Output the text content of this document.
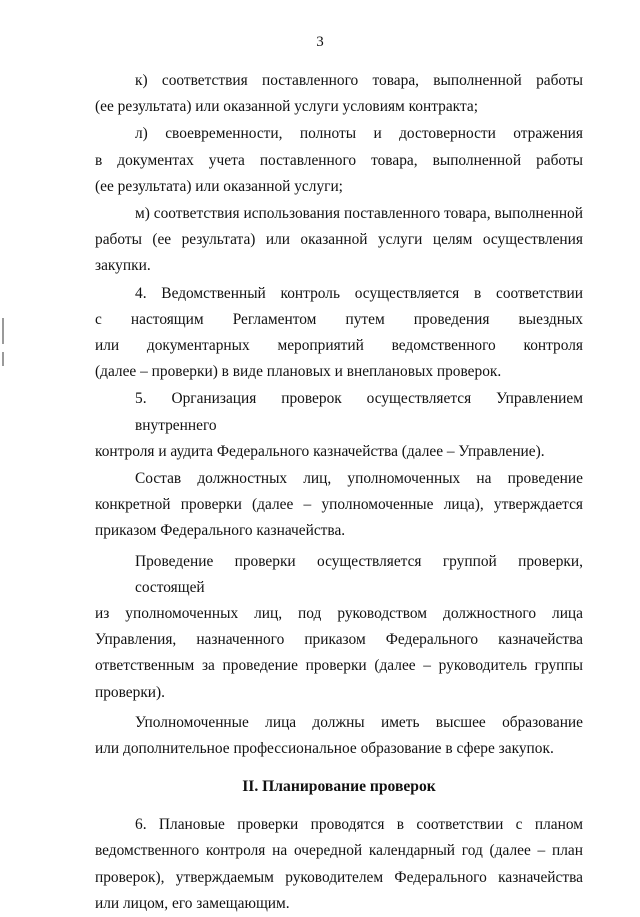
3
к) соответствия поставленного товара, выполненной работы
(ее результата) или оказанной услуги условиям контракта;
л) своевременности, полноты и достоверности отражения
в документах учета поставленного товара, выполненной работы
(ее результата) или оказанной услуги;
м) соответствия использования поставленного товара, выполненной
работы (ее результата) или оказанной услуги целям осуществления
закупки.
4. Ведомственный контроль осуществляется в соответствии
с настоящим Регламентом путем проведения выездных
или документарных мероприятий ведомственного контроля
(далее – проверки) в виде плановых и внеплановых проверок.
5. Организация проверок осуществляется Управлением внутреннего
контроля и аудита Федерального казначейства (далее – Управление).
Состав должностных лиц, уполномоченных на проведение
конкретной проверки (далее – уполномоченные лица), утверждается
приказом Федерального казначейства.
Проведение проверки осуществляется группой проверки, состоящей
из уполномоченных лиц, под руководством должностного лица
Управления, назначенного приказом Федерального казначейства
ответственным за проведение проверки (далее – руководитель группы
проверки).
Уполномоченные лица должны иметь высшее образование
или дополнительное профессиональное образование в сфере закупок.
II. Планирование проверок
6. Плановые проверки проводятся в соответствии с планом
ведомственного контроля на очередной календарный год (далее – план
проверок), утверждаемым руководителем Федерального казначейства
или лицом, его замещающим.
